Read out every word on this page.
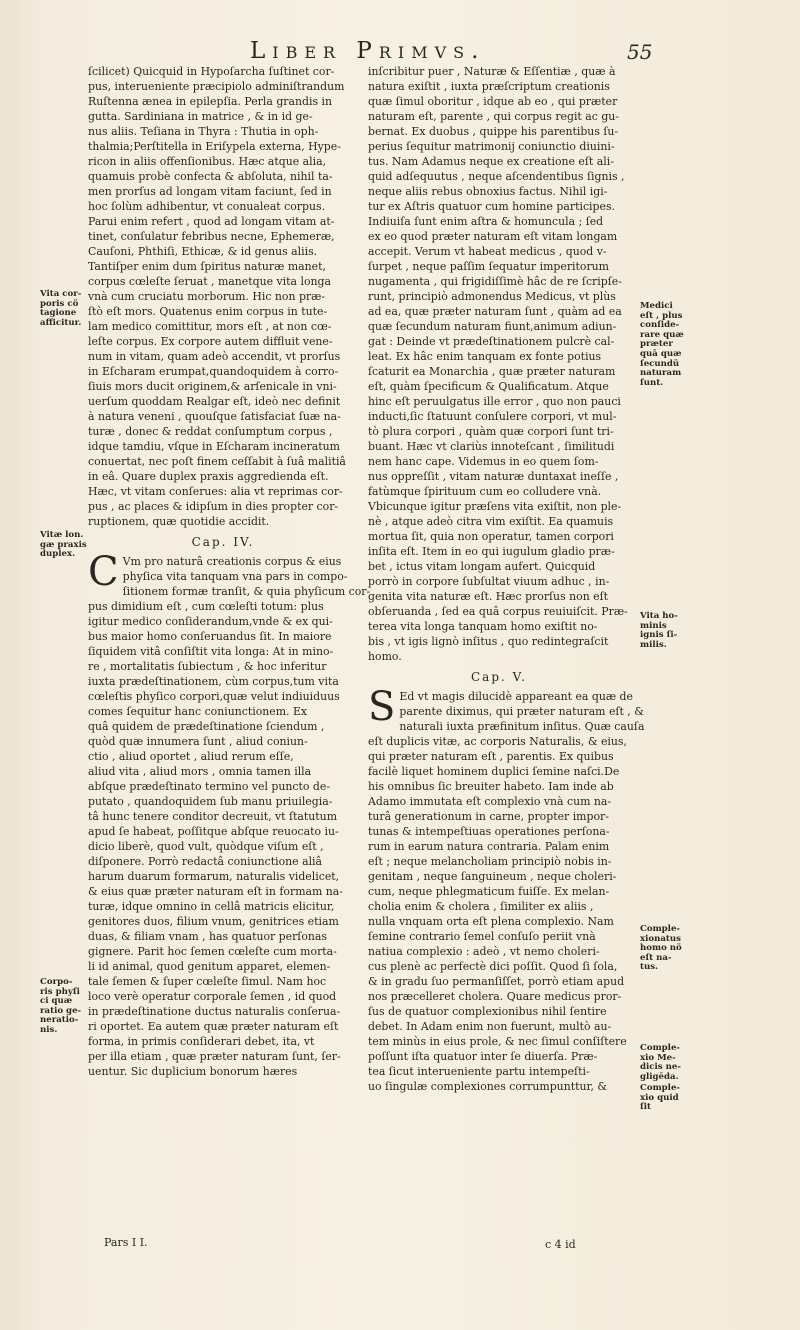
Liber Primvs.	55

ſcilicet) Quicquid in Hypoſarcha ſuſtinet cor-

pus, interueniente præcipiolo adminiſtrandum

Ruſtenna ænea in epilepſia. Perla grandis in

gutta. Sardiniana in matrice , & in id ge-

nus aliis. Teſiana in Thyra : Thutia in oph-

thalmia;Perſtitella in Eriſypela externa, Hype-

ricon in aliis offenſionibus. Hæc atque alia,

quamuis probè confecta & abſoluta, nihil ta-

men prorſus ad longam vitam faciunt, ſed in

hoc ſolùm adhibentur, vt conualeat corpus.

Parui enim refert , quod ad longam vitam at-

tinet, conſulatur febribus necne, Ephemeræ,

Cauſoni, Phthiſi, Ethicæ, & id genus aliis.

Tantiſper enim dum ſpiritus naturæ manet,

corpus cœleſte ſeruat , manetque vita longa

vnà cum cruciatu morborum. Hic non præ-

ſtò eſt mors. Quatenus enim corpus in tute-

lam medico comittitur, mors eſt , at non cœ-

leſte corpus. Ex corpore autem diffluit vene-

num in vitam, quam adeò accendit, vt prorſus

in Eſcharam erumpat,quandoquidem à corro-

ſiuis mors ducit originem,& arſenicale in vni-

uerſum quoddam Realgar eſt, ideò nec definit

à natura veneni , quouſque ſatisfaciat ſuæ na-

turæ , donec & reddat conſumptum corpus ,

idque tamdiu, vſque in Eſcharam incineratum

conuertat, nec poſt finem ceſſabit à ſuâ malitiâ

in eâ. Quare duplex praxis aggredienda eſt.

Hæc, vt vitam conſerues: alia vt reprimas cor-

pus , ac places & idipſum in dies propter cor-

ruptionem, quæ quotidie accidit.

Cap. IV.

C Vm pro naturâ creationis corpus & eius

phyſica vita tanquam vna pars in compo-

ſitionem formæ tranſit, & quia phyſicum cor-

pus dimidium eſt , cum cœleſti totum: plus

igitur medico conſiderandum,vnde & ex qui-

bus maior homo conſeruandus ſit. In maiore

ſiquidem vitâ conſiſtit vita longa: At in mino-

re , mortalitatis ſubiectum , & hoc inferitur

iuxta prædeſtinationem, cùm corpus,tum vita

cœleſtis phyſico corpori,quæ velut indiuiduus

comes ſequitur hanc coniunctionem. Ex

quâ quidem de prædeſtinatione ſciendum ,

quòd quæ innumera ſunt , aliud coniun-

ctio , aliud oportet , aliud rerum eſſe,

aliud vita , aliud mors , omnia tamen illa

abſque prædeſtinato termino vel puncto de-

putato , quandoquidem ſub manu priuilegia-

tâ hunc tenere conditor decreuit, vt ſtatutum

apud ſe habeat, poſſitque abſque reuocato iu-

dicio liberè, quod vult, quòdque viſum eſt ,

diſponere. Porrò redactâ coniunctione aliâ

harum duarum formarum, naturalis videlicet,

& eius quæ præter naturam eſt in formam na-

turæ, idque omnino in cellâ matricis elicitur,

genitores duos, filium vnum, genitrices etiam

duas, & filiam vnam , has quatuor perſonas

gignere. Parit hoc ſemen cœleſte cum morta-

li id animal, quod genitum apparet, elemen-

tale ſemen & ſuper cœleſte ſimul. Nam hoc

loco verè operatur corporale ſemen , id quod

in prædeſtinatione ductus naturalis conſerua-

ri oportet. Ea autem quæ præter naturam eſt

forma, in primis conſiderari debet, ita, vt

per illa etiam , quæ præter naturam ſunt, ſer-

uentur. Sic duplicium bonorum hæres

Pars I I.

inſcribitur puer , Naturæ & Eſſentiæ , quæ à

natura exiſtit , iuxta præſcriptum creationis

quæ ſimul oboritur , idque ab eo , qui præter

naturam eſt, parente , qui corpus regit ac gu-

bernat. Ex duobus , quippe his parentibus ſu-

perius ſequitur matrimonij coniunctio diuini-

tus. Nam Adamus neque ex creatione eſt ali-

quid adſequutus , neque aſcendentibus ſignis ,

neque aliis rebus obnoxius factus. Nihil igi-

tur ex Aſtris quatuor cum homine participes.

Indiuiſa ſunt enim aſtra & homuncula ; ſed

ex eo quod præter naturam eſt vitam longam

accepit. Verum vt habeat medicus , quod v-

ſurpet , neque paſſim ſequatur imperitorum

nugamenta , qui frigidiſſimè hâc de re ſcripſe-

runt, principiò admonendus Medicus, vt plùs

ad ea, quæ præter naturam ſunt , quàm ad ea

quæ ſecundum naturam fiunt,animum adiun-

gat : Deinde vt prædeſtinationem pulcrè cal-

leat. Ex hâc enim tanquam ex fonte potius

ſcaturit ea Monarchia , quæ præter naturam

eſt, quàm ſpecificum & Qualificatum. Atque

hinc eſt peruulgatus ille error , quo non pauci

inducti,ſic ſtatuunt conſulere corpori, vt mul-

tò plura corpori , quàm quæ corpori ſunt tri-

buant. Hæc vt clariùs innoteſcant , ſimilitudi

nem hanc cape. Videmus in eo quem ſom-

nus oppreſſit , vitam naturæ duntaxat ineſſe ,

fatùmque ſpirituum cum eo colludere vnà.

Vbicunque igitur præſens vita exiſtit, non ple-

nè , atque adeò citra vim exiſtit. Ea quamuis

mortua ſit, quia non operatur, tamen corpori

inſita eſt. Item in eo qui iugulum gladio præ-

bet , ictus vitam longam aufert. Quicquid

porrò in corpore ſubſultat viuum adhuc , in-

genita vita naturæ eſt. Hæc prorſus non eſt

obſeruanda , ſed ea quâ corpus reuiuiſcit. Præ-

terea vita longa tanquam homo exiſtit no-

bis , vt igis lignò inſitus , quo redintegraſcit

homo.

Cap. V.

S Ed vt magis dilucidè appareant ea quæ de

parente diximus, qui præter naturam eſt , &

naturali iuxta præfinitum inſitus. Quæ cauſa

eſt duplicis vitæ, ac corporis Naturalis, & eius,

qui præter naturam eſt , parentis. Ex quibus

facilè liquet hominem duplici ſemine naſci.De

his omnibus ſic breuiter habeto. Iam inde ab

Adamo immutata eſt complexio vnà cum na-

turâ generationum in carne, propter impor-

tunas & intempeſtiuas operationes perſona-

rum in earum natura contraria. Palam enim

eſt ; neque melancholiam principiò nobis in-

genitam , neque ſanguineum , neque choleri-

cum, neque phlegmaticum fuiſſe. Ex melan-

cholia enim & cholera , ſimiliter ex aliis ,

nulla vnquam orta eſt plena complexio. Nam

ſemine contrario ſemel conſuſo periit vnà

natiua complexio : adeò , vt nemo choleri-

cus plenè ac perfectè dici poſſit. Quod ſi ſola,

& in gradu ſuo permanſiſſet, porrò etiam apud

nos præcelleret cholera. Quare medicus pror-

ſus de quatuor complexionibus nihil ſentire

debet. In Adam enim non fuerunt, multò au-

tem minùs in eius prole, & nec ſimul conſiſtere

poſſunt iſta quatuor inter ſe diuerſa. Præ-

tea ſicut interueniente partu intempeſti-

uo ſingulæ complexiones corrumpunttur, &

c 4 id

Vita cor-

poris cö

tagione

afficitur.

Vitæ lon.

gæ praxis

duplex.

Corpo-

ris phyſi

ci quæ

ratio ge-

neratio-

nis.

Medici

eſt , plus

conſide-

rare quæ

præter

quā quæ

ſecundū

naturam

ſunt.

Vita ho-

minis

ignis ſi-

milis.

Comple-

xionatus

homo nö

eſt na-

tus.

Comple-

xio Me-

dicis ne-

gligēda.

Comple-

xio quid

ſit
